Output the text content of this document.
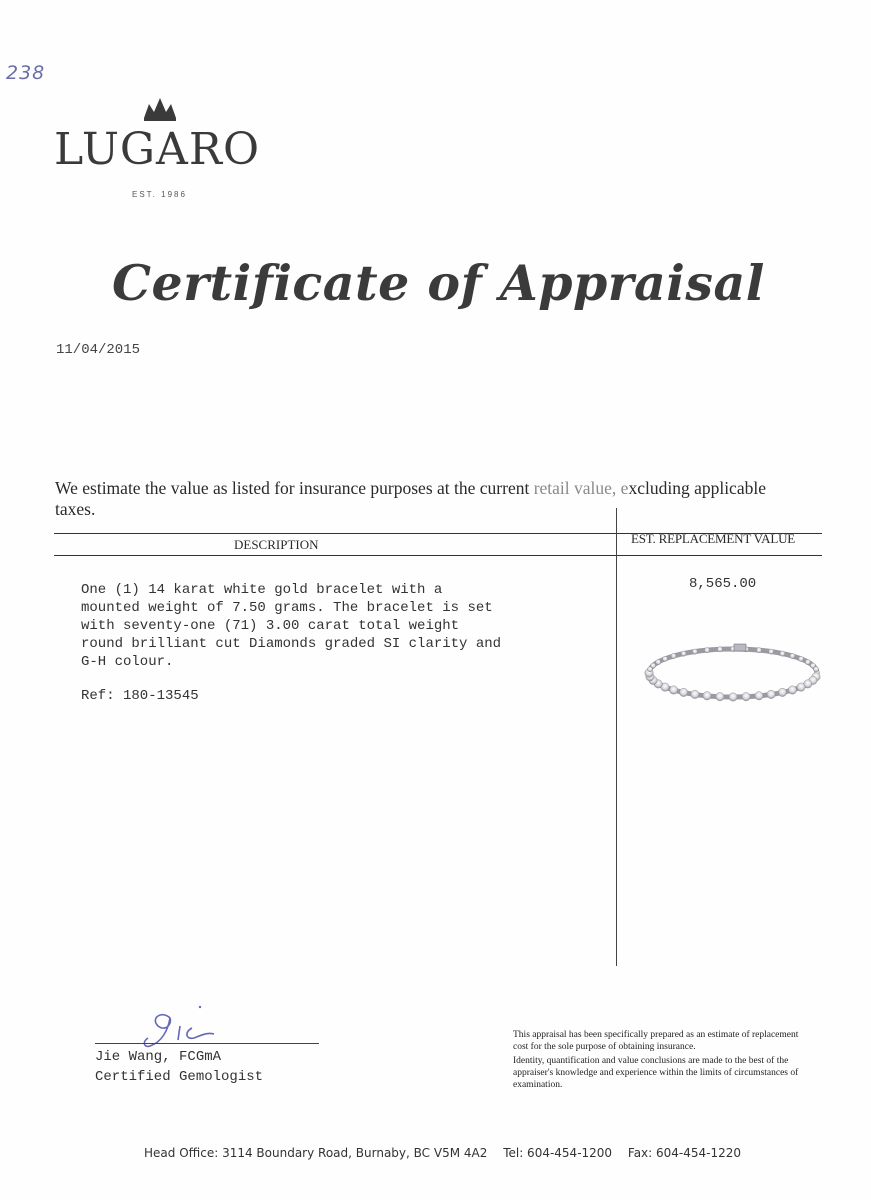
238
LUGARO
EST. 1986
Certificate of Appraisal
11/04/2015
We estimate the value as listed for insurance purposes at the current retail value, excluding applicable taxes.
DESCRIPTION	EST. REPLACEMENT VALUE
One (1) 14 karat white gold bracelet with a
mounted weight of 7.50 grams. The bracelet is set
with seventy-one (71) 3.00 carat total weight
round brilliant cut Diamonds graded SI clarity and
G-H colour.
Ref: 180-13545
8,565.00
Jie Wang, FCGmA
Certified Gemologist

This appraisal has been specifically prepared as an estimate of replacement cost for the sole purpose of obtaining insurance.

Identity, quantification and value conclusions are made to the best of the appraiser's knowledge and experience within the limits of circumstances of examination.

Head Office: 3114 Boundary Road, Burnaby, BC V5M 4A2 Tel: 604-454-1200 Fax: 604-454-1220
